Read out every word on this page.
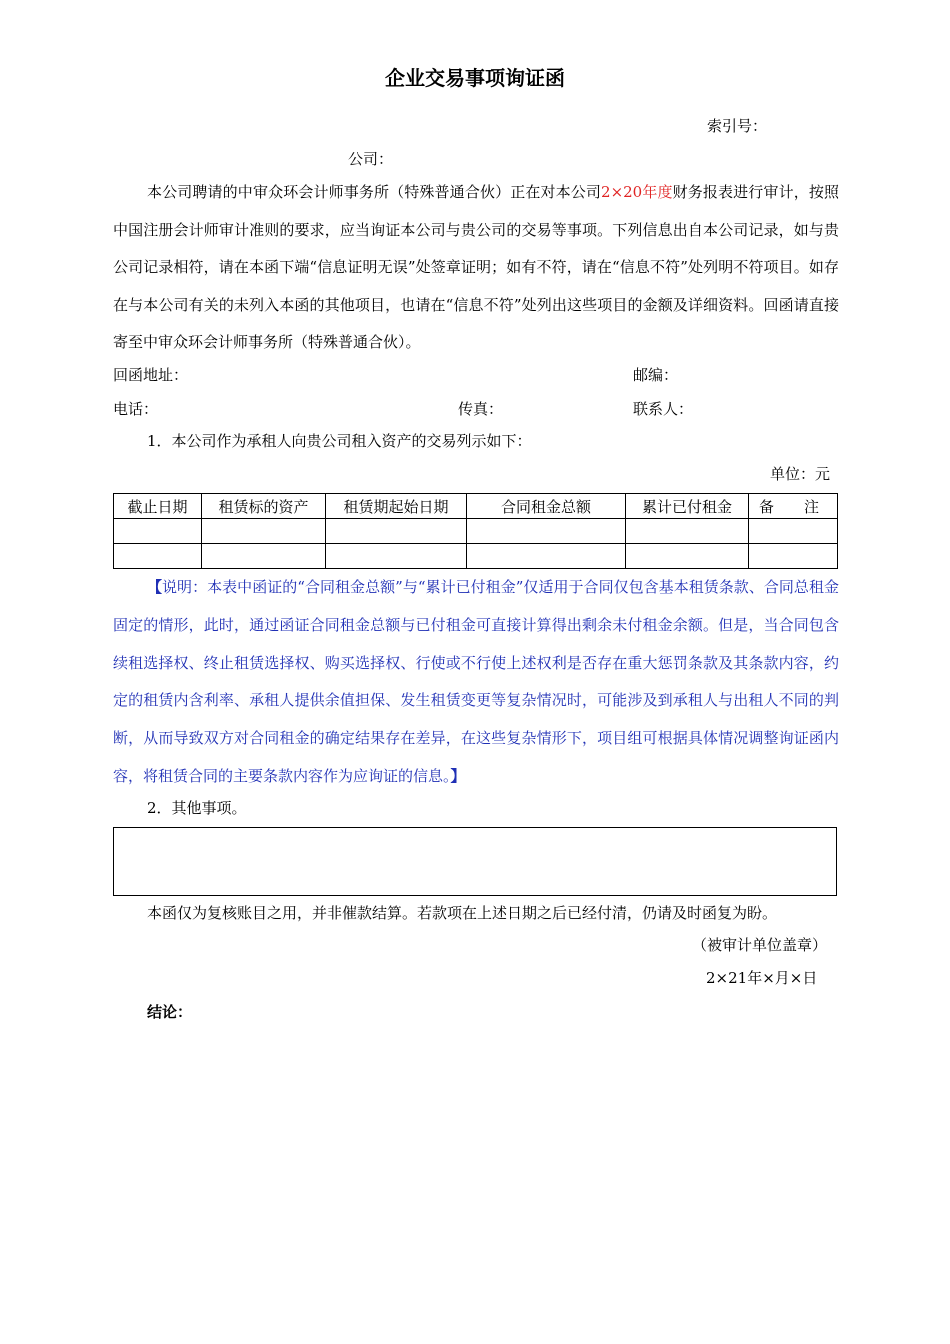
企业交易事项询证函
索引号：
公司：
本公司聘请的中审众环会计师事务所（特殊普通合伙）正在对本公司2×20年度财务报表进行审计，按照中国注册会计师审计准则的要求，应当询证本公司与贵公司的交易等事项。下列信息出自本公司记录，如与贵公司记录相符，请在本函下端“信息证明无误”处签章证明；如有不符，请在“信息不符”处列明不符项目。如存在与本公司有关的未列入本函的其他项目，也请在“信息不符”处列出这些项目的金额及详细资料。回函请直接寄至中审众环会计师事务所（特殊普通合伙）。
回函地址：	邮编：
电话：	传真：	联系人：
1．本公司作为承租人向贵公司租入资产的交易列示如下：
单位：元
截止日期	租赁标的资产	租赁期起始日期	合同租金总额	累计已付租金	备　　注

【说明：本表中函证的“合同租金总额”与“累计已付租金”仅适用于合同仅包含基本租赁条款、合同总租金固定的情形，此时，通过函证合同租金总额与已付租金可直接计算得出剩余未付租金余额。但是，当合同包含续租选择权、终止租赁选择权、购买选择权、行使或不行使上述权利是否存在重大惩罚条款及其条款内容，约定的租赁内含利率、承租人提供余值担保、发生租赁变更等复杂情况时，可能涉及到承租人与出租人不同的判断，从而导致双方对合同租金的确定结果存在差异，在这些复杂情形下，项目组可根据具体情况调整询证函内容，将租赁合同的主要条款内容作为应询证的信息。】
2．其他事项。
本函仅为复核账目之用，并非催款结算。若款项在上述日期之后已经付清，仍请及时函复为盼。
（被审计单位盖章）
2×21年×月×日
结论：
